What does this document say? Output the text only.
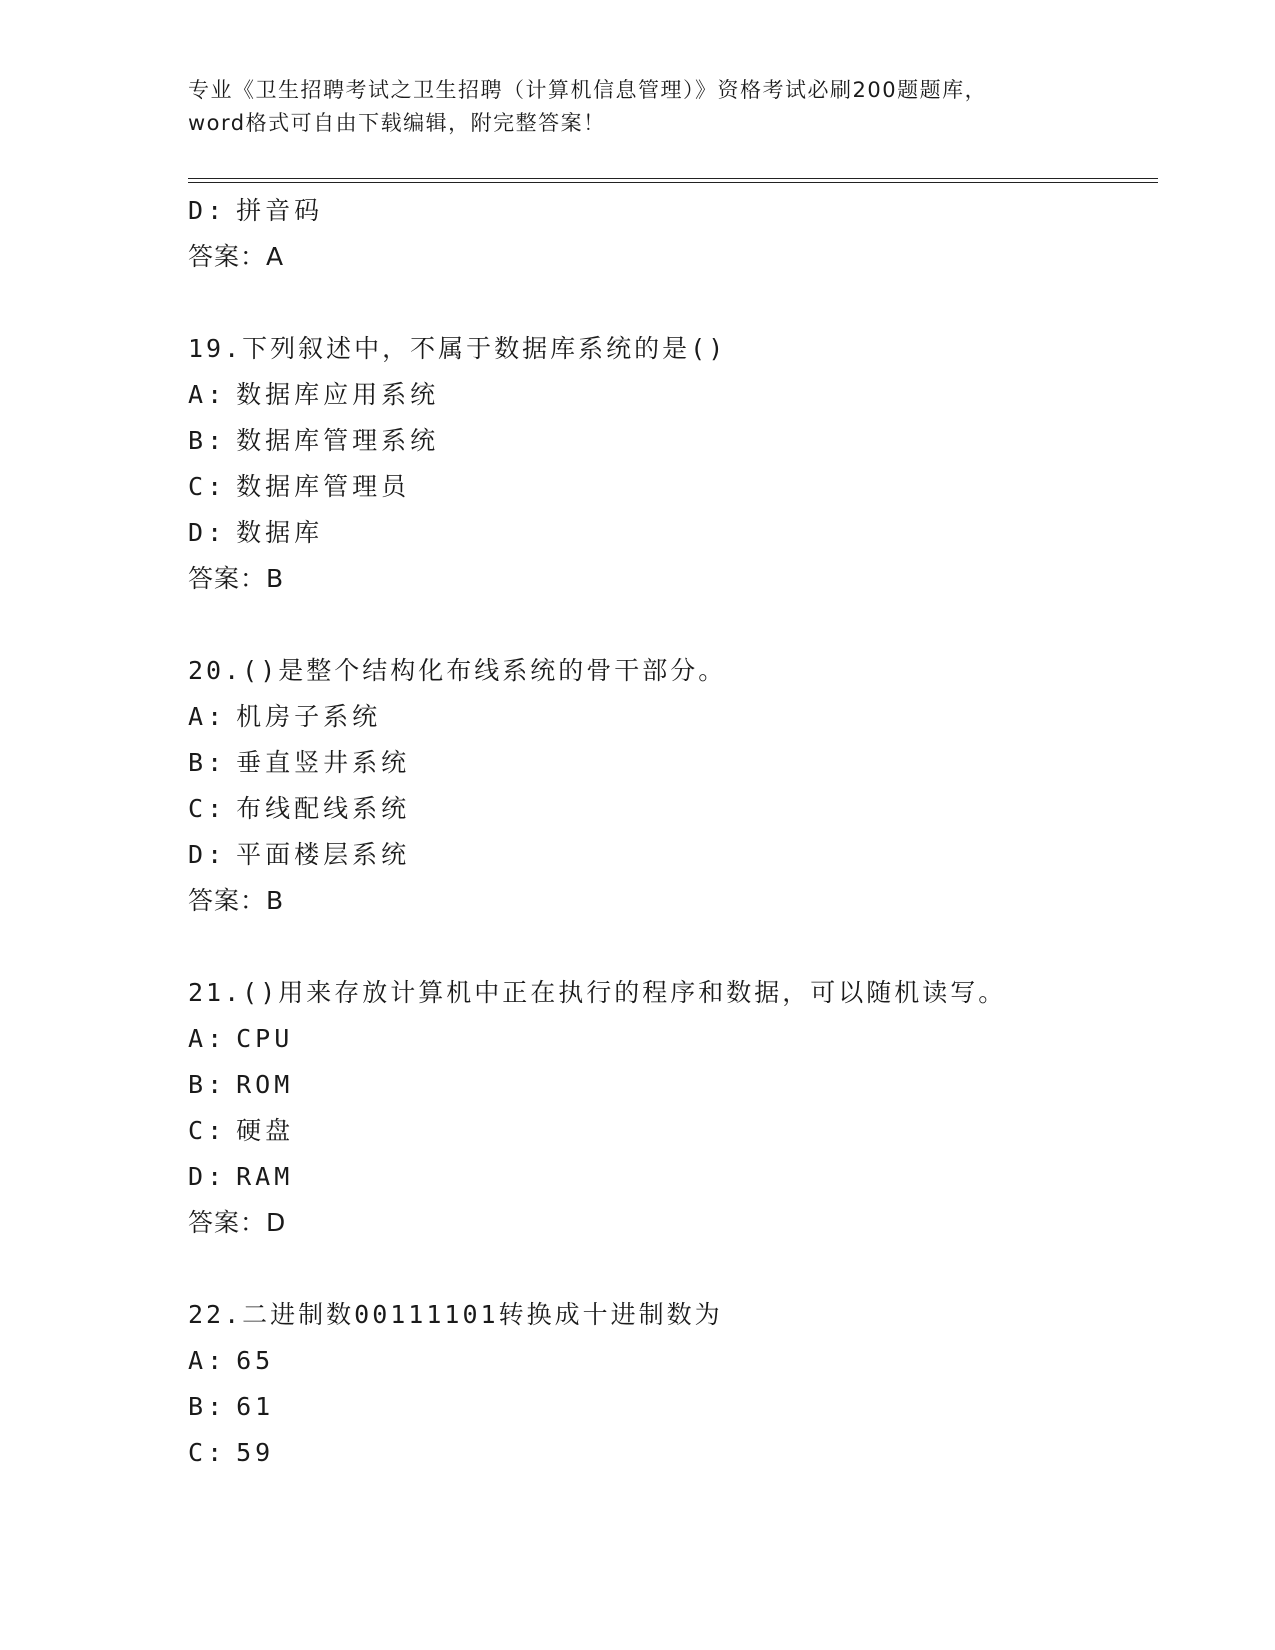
专业《卫生招聘考试之卫生招聘（计算机信息管理）》资格考试必刷200题题库，
word格式可自由下载编辑，附完整答案！
D: 拼音码
答案：A
19.下列叙述中，不属于数据库系统的是()
A: 数据库应用系统
B: 数据库管理系统
C: 数据库管理员
D: 数据库
答案：B
20.()是整个结构化布线系统的骨干部分。
A: 机房子系统
B: 垂直竖井系统
C: 布线配线系统
D: 平面楼层系统
答案：B
21.()用来存放计算机中正在执行的程序和数据，可以随机读写。
A: CPU
B: ROM
C: 硬盘
D: RAM
答案：D
22.二进制数00111101转换成十进制数为
A: 65
B: 61
C: 59
